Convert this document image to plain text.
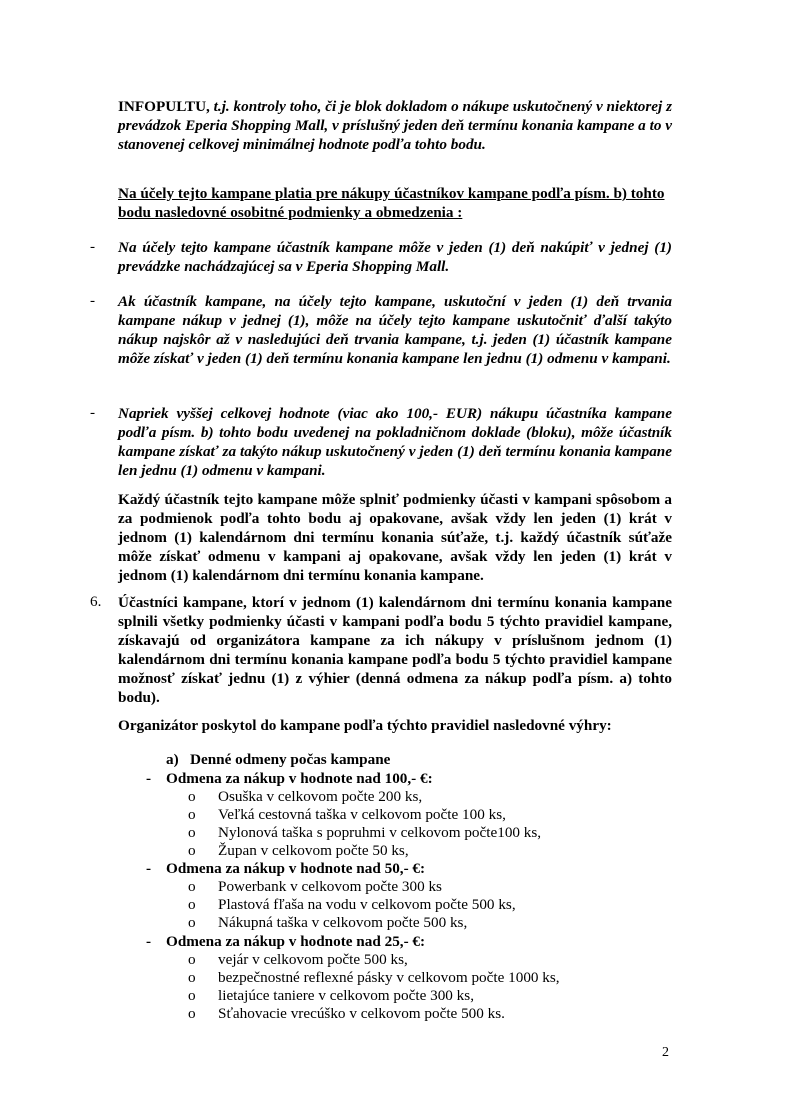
INFOPULTU, t.j. kontroly toho, či je blok dokladom o nákupe uskutočnený v niektorej z prevádzok Eperia Shopping Mall, v príslušný jeden deň termínu konania kampane a to v stanovenej celkovej minimálnej hodnote podľa tohto bodu.
Na účely tejto kampane platia pre nákupy účastníkov kampane podľa písm. b) tohto bodu nasledovné osobitné podmienky a obmedzenia :
-	Na účely tejto kampane účastník kampane môže v jeden (1) deň nakúpiť v jednej (1) prevádzke nachádzajúcej sa v Eperia Shopping Mall.
-	Ak účastník kampane, na účely tejto kampane, uskutoční v jeden (1) deň trvania kampane nákup v jednej (1), môže na účely tejto kampane uskutočniť ďalší takýto nákup najskôr až v nasledujúci deň trvania kampane, t.j. jeden (1) účastník kampane môže získať v jeden (1) deň termínu konania kampane len jednu (1) odmenu v kampani.
-	Napriek vyššej celkovej hodnote (viac ako 100,- EUR) nákupu účastníka kampane podľa písm. b) tohto bodu uvedenej na pokladničnom doklade (bloku), môže účastník kampane získať za takýto nákup uskutočnený v jeden (1) deň termínu konania kampane len jednu (1) odmenu v kampani.
Každý účastník tejto kampane môže splniť podmienky účasti v kampani spôsobom a za podmienok podľa tohto bodu aj opakovane, avšak vždy len jeden (1) krát v jednom (1) kalendárnom dni termínu konania súťaže, t.j. každý účastník súťaže môže získať odmenu v kampani aj opakovane, avšak vždy len jeden (1) krát v jednom (1) kalendárnom dni termínu konania kampane.
6. Účastníci kampane, ktorí v jednom (1) kalendárnom dni termínu konania kampane splnili všetky podmienky účasti v kampani podľa bodu 5 týchto pravidiel kampane, získavajú od organizátora kampane za ich nákupy v príslušnom jednom (1) kalendárnom dni termínu konania kampane podľa bodu 5 týchto pravidiel kampane možnosť získať jednu (1) z výhier (denná odmena za nákup podľa písm. a) tohto bodu).
Organizátor poskytol do kampane podľa týchto pravidiel nasledovné výhry:
a) Denné odmeny počas kampane
- Odmena za nákup v hodnote nad 100,- €:
o Osuška v celkovom počte 200 ks,
o Veľká cestovná taška v celkovom počte 100 ks,
o Nylonová taška s popruhmi v celkovom počte100 ks,
o Župan v celkovom počte 50 ks,
- Odmena za nákup v hodnote nad 50,- €:
o Powerbank v celkovom počte 300 ks
o Plastová fľaša na vodu v celkovom počte 500 ks,
o Nákupná taška v celkovom počte 500 ks,
- Odmena za nákup v hodnote nad 25,- €:
o vejár v celkovom počte 500 ks,
o bezpečnostné reflexné pásky v celkovom počte 1000 ks,
o lietajúce taniere v celkovom počte 300 ks,
o Sťahovacie vrecúško v celkovom počte 500 ks.
2
